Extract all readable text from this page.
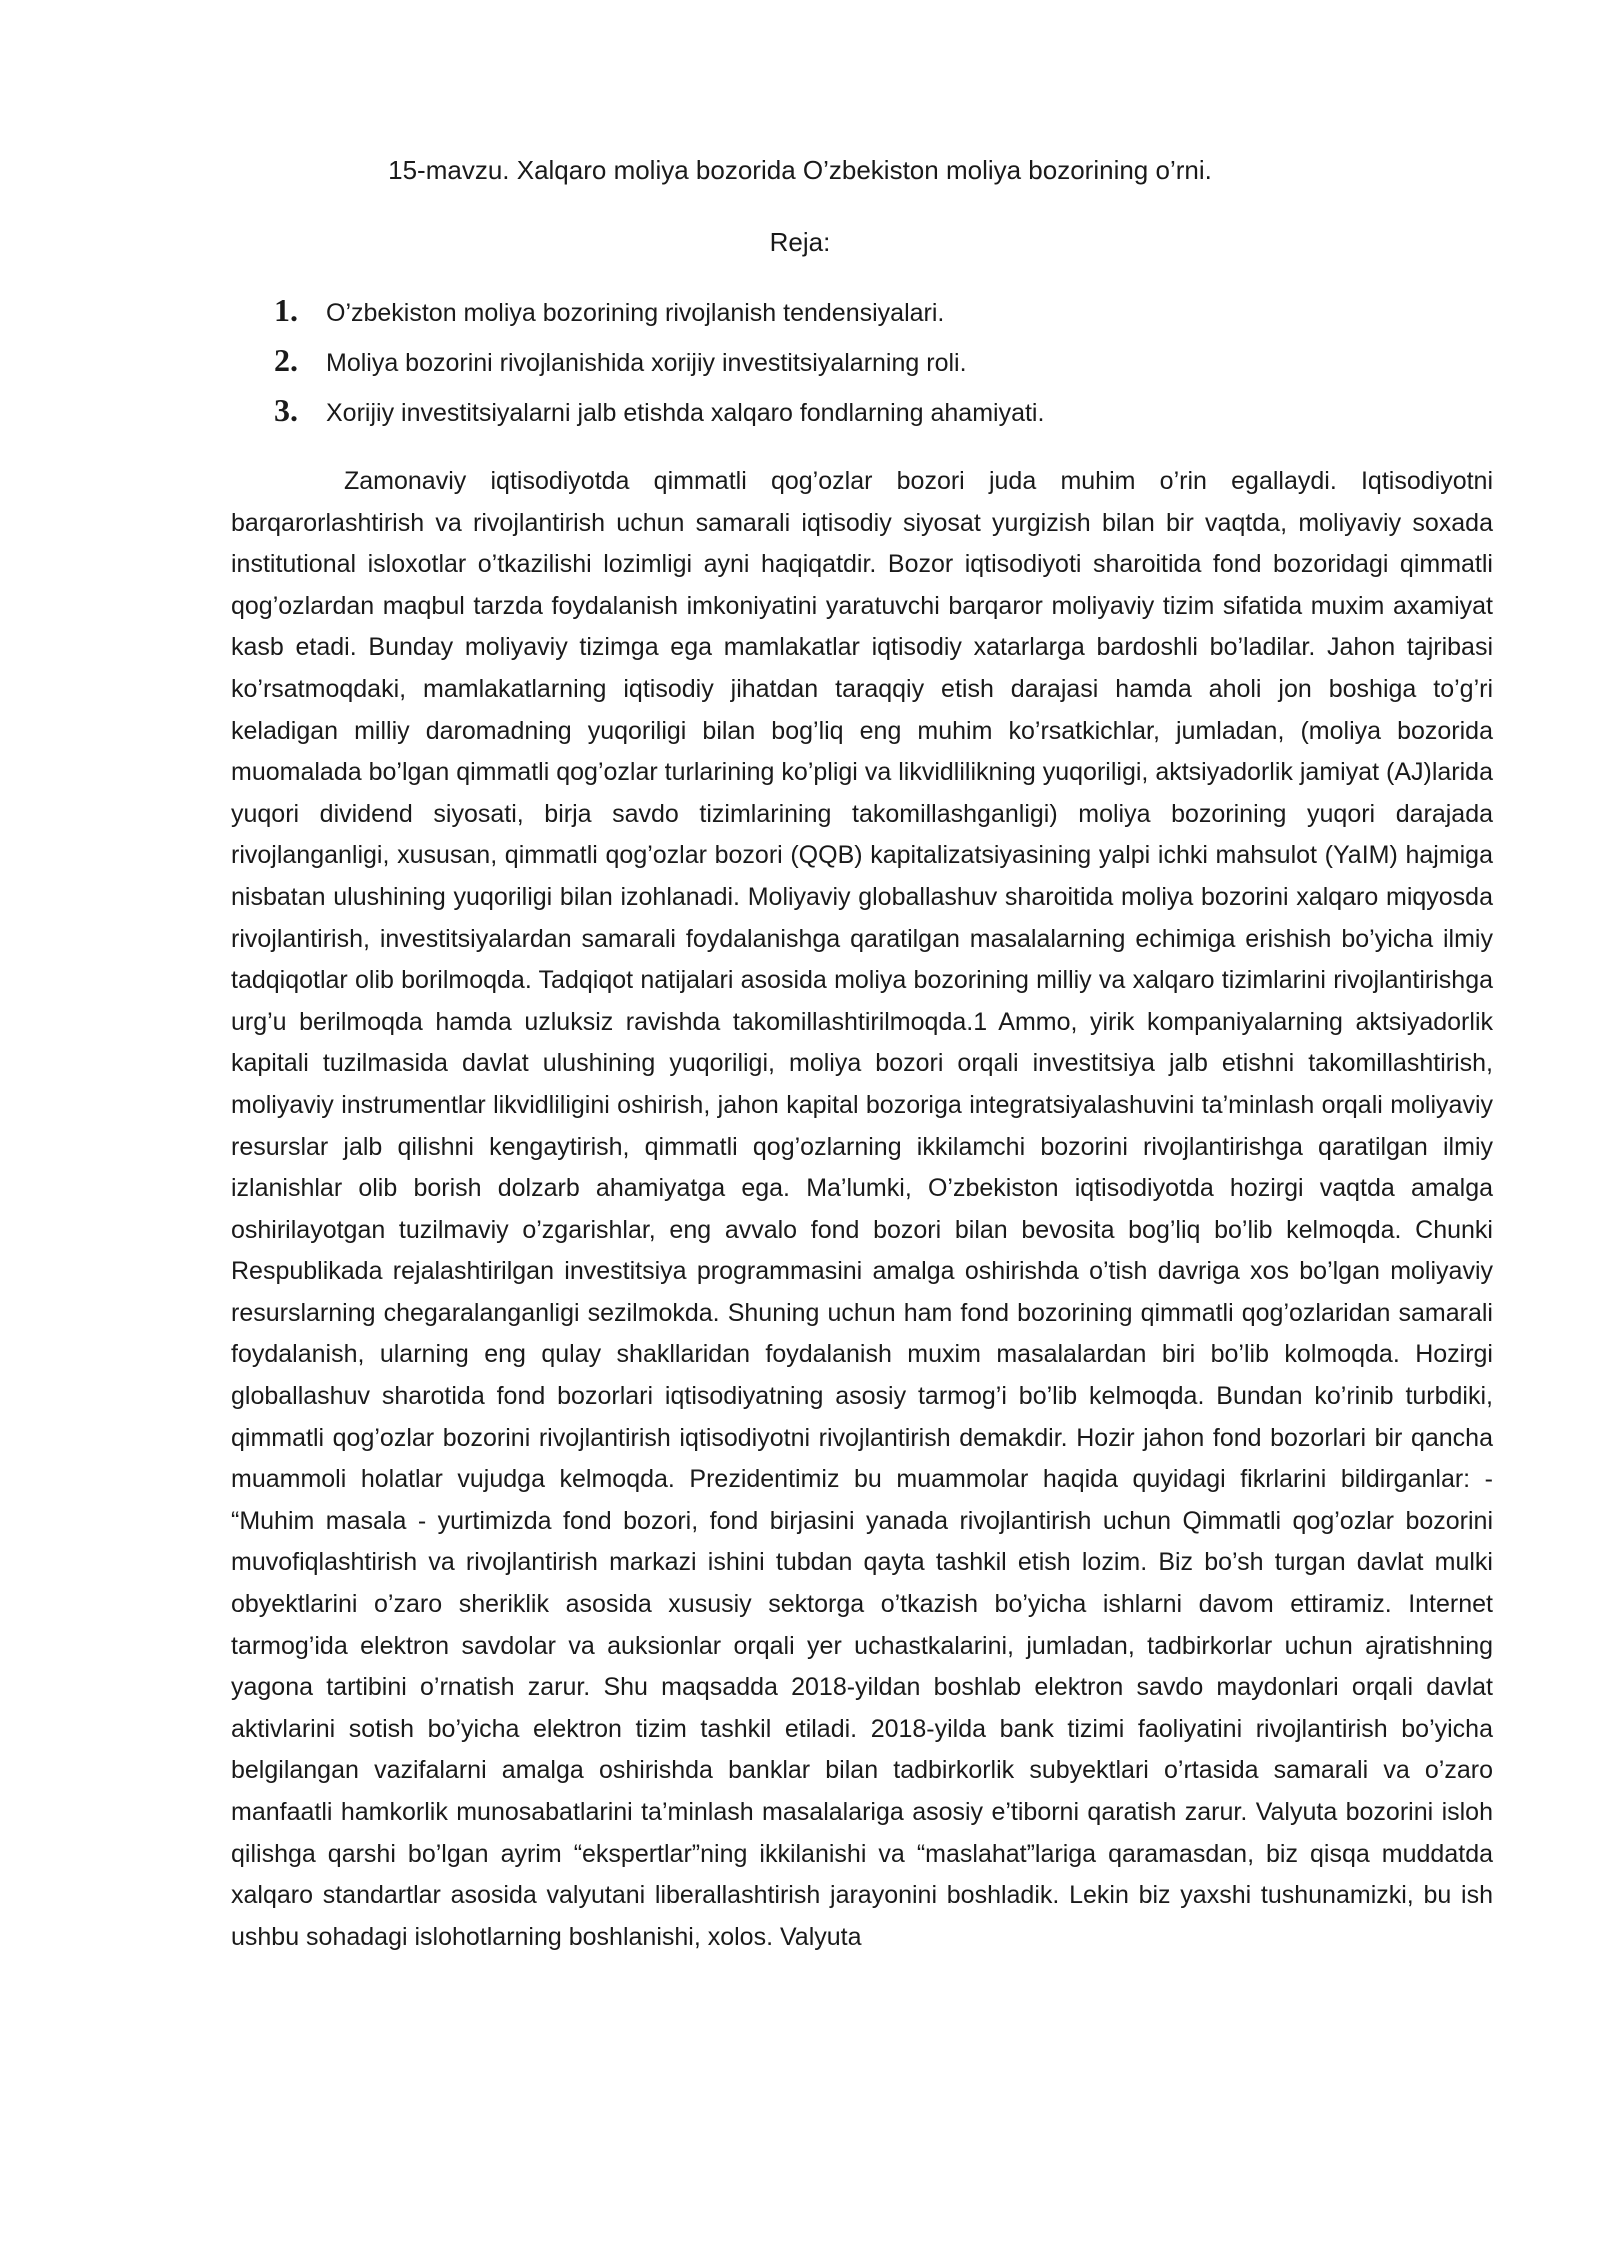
15-mavzu. Xalqaro moliya bozorida O’zbekiston moliya bozorining o’rni.
Reja:
1.	O’zbekiston moliya bozorining rivojlanish tendensiyalari.
2.	Moliya bozorini rivojlanishida xorijiy investitsiyalarning roli.
3.	Xorijiy investitsiyalarni jalb etishda xalqaro fondlarning ahamiyati.

Zamonaviy iqtisodiyotda qimmatli qog’ozlar bozori juda muhim o’rin egallaydi. Iqtisodiyotni barqarorlashtirish va rivojlantirish uchun samarali iqtisodiy siyosat yurgizish bilan bir vaqtda, moliyaviy soxada institutional isloxotlar o’tkazilishi lozimligi ayni haqiqatdir. Bozor iqtisodiyoti sharoitida fond bozoridagi qimmatli qog’ozlardan maqbul tarzda foydalanish imkoniyatini yaratuvchi barqaror moliyaviy tizim sifatida muxim axamiyat kasb etadi. Bunday moliyaviy tizimga ega mamlakatlar iqtisodiy xatarlarga bardoshli bo’ladilar. Jahon tajribasi ko’rsatmoqdaki, mamlakatlarning iqtisodiy jihatdan taraqqiy etish darajasi hamda aholi jon boshiga to’g’ri keladigan milliy daromadning yuqoriligi bilan bog’liq eng muhim ko’rsatkichlar, jumladan, (moliya bozorida muomalada bo’lgan qimmatli qog’ozlar turlarining ko’pligi va likvidlilikning yuqoriligi, aktsiyadorlik jamiyat (AJ)larida yuqori dividend siyosati, birja savdo tizimlarining takomillashganligi) moliya bozorining yuqori darajada rivojlanganligi, xususan, qimmatli qog’ozlar bozori (QQB) kapitalizatsiyasining yalpi ichki mahsulot (YaIM) hajmiga nisbatan ulushining yuqoriligi bilan izohlanadi. Moliyaviy globallashuv sharoitida moliya bozorini xalqaro miqyosda rivojlantirish, investitsiyalardan samarali foydalanishga qaratilgan masalalarning echimiga erishish bo’yicha ilmiy tadqiqotlar olib borilmoqda. Tadqiqot natijalari asosida moliya bozorining milliy va xalqaro tizimlarini rivojlantirishga urg’u berilmoqda hamda uzluksiz ravishda takomillashtirilmoqda.1 Ammo, yirik kompaniyalarning aktsiyadorlik kapitali tuzilmasida davlat ulushining yuqoriligi, moliya bozori orqali investitsiya jalb etishni takomillashtirish, moliyaviy instrumentlar likvidliligini oshirish, jahon kapital bozoriga integratsiyalashuvini ta’minlash orqali moliyaviy resurslar jalb qilishni kengaytirish, qimmatli qog’ozlarning ikkilamchi bozorini rivojlantirishga qaratilgan ilmiy izlanishlar olib borish dolzarb ahamiyatga ega. Ma’lumki, O’zbekiston iqtisodiyotda hozirgi vaqtda amalga oshirilayotgan tuzilmaviy o’zgarishlar, eng avvalo fond bozori bilan bevosita bog’liq bo’lib kelmoqda. Chunki Respublikada rejalashtirilgan investitsiya programmasini amalga oshirishda o’tish davriga xos bo’lgan moliyaviy resurslarning chegaralanganligi sezilmokda. Shuning uchun ham fond bozorining qimmatli qog’ozlaridan samarali foydalanish, ularning eng qulay shakllaridan foydalanish muxim masalalardan biri bo’lib kolmoqda. Hozirgi globallashuv sharotida fond bozorlari iqtisodiyatning asosiy tarmog’i bo’lib kelmoqda. Bundan ko’rinib turbdiki, qimmatli qog’ozlar bozorini rivojlantirish iqtisodiyotni rivojlantirish demakdir. Hozir jahon fond bozorlari bir qancha muammoli holatlar vujudga kelmoqda. Prezidentimiz bu muammolar haqida quyidagi fikrlarini bildirganlar: - “Muhim masala - yurtimizda fond bozori, fond birjasini yanada rivojlantirish uchun Qimmatli qog’ozlar bozorini muvofiqlashtirish va rivojlantirish markazi ishini tubdan qayta tashkil etish lozim. Biz bo’sh turgan davlat mulki obyektlarini o’zaro sheriklik asosida xususiy sektorga o’tkazish bo’yicha ishlarni davom ettiramiz. Internet tarmog’ida elektron savdolar va auksionlar orqali yer uchastkalarini, jumladan, tadbirkorlar uchun ajratishning yagona tartibini o’rnatish zarur. Shu maqsadda 2018-yildan boshlab elektron savdo maydonlari orqali davlat aktivlarini sotish bo’yicha elektron tizim tashkil etiladi. 2018-yilda bank tizimi faoliyatini rivojlantirish bo’yicha belgilangan vazifalarni amalga oshirishda banklar bilan tadbirkorlik subyektlari o’rtasida samarali va o’zaro manfaatli hamkorlik munosabatlarini ta’minlash masalalariga asosiy e’tiborni qaratish zarur. Valyuta bozorini isloh qilishga qarshi bo’lgan ayrim “ekspertlar”ning ikkilanishi va “maslahat”lariga qaramasdan, biz qisqa muddatda xalqaro standartlar asosida valyutani liberallashtirish jarayonini boshladik. Lekin biz yaxshi tushunamizki, bu ish ushbu sohadagi islohotlarning boshlanishi, xolos. Valyuta
